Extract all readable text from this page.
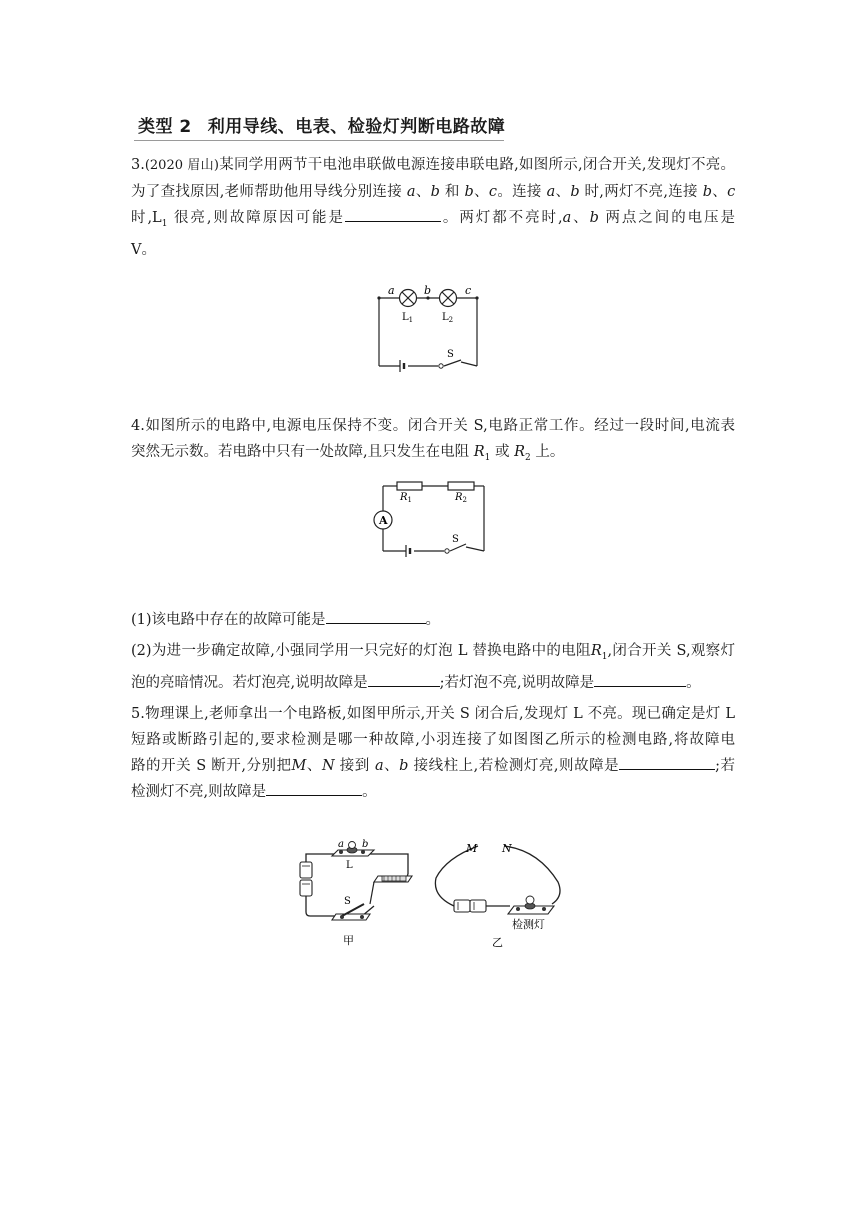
类型 2 利用导线、电表、检验灯判断电路故障
3.(2020 眉山)某同学用两节干电池串联做电源连接串联电路,如图所示,闭合开关,发现灯不亮。
为了查找原因,老师帮助他用导线分别连接 a、b 和 b、c。连接 a、b 时,两灯不亮,连接 b、c
时$,L_1$ 很亮,则故障原因可能是	。两灯都不亮时,a、b 两点之间的电压是
V。
a	b	c
$L_1$	$L_2$
S
4.如图所示的电路中,电源电压保持不变。闭合开关 S,电路正常工作。经过一段时间,电流表
突然无示数。若电路中只有一处故障,且只发生在电阻 $R_1$ 或 $R_2$ 上。
A
$R_1$	$R_2$
S
(1)该电路中存在的故障可能是	。
(2)为进一步确定故障,小强同学用一只完好的灯泡 L 替换电路中的电阻$R_1$,闭合开关 S,观察灯
泡的亮暗情况。若灯泡亮,说明故障是	;若灯泡不亮,说明故障是	。
5.物理课上,老师拿出一个电路板,如图甲所示,开关 S 闭合后,发现灯 L 不亮。现已确定是灯 L
短路或断路引起的,要求检测是哪一种故障,小羽连接了如图图乙所示的检测电路,将故障电
路的开关 S 断开,分别把M、N 接到 a、b 接线柱上,若检测灯亮,则故障是	;若
检测灯不亮,则故障是	。
a b
L
S
甲
M N
检测灯
乙
